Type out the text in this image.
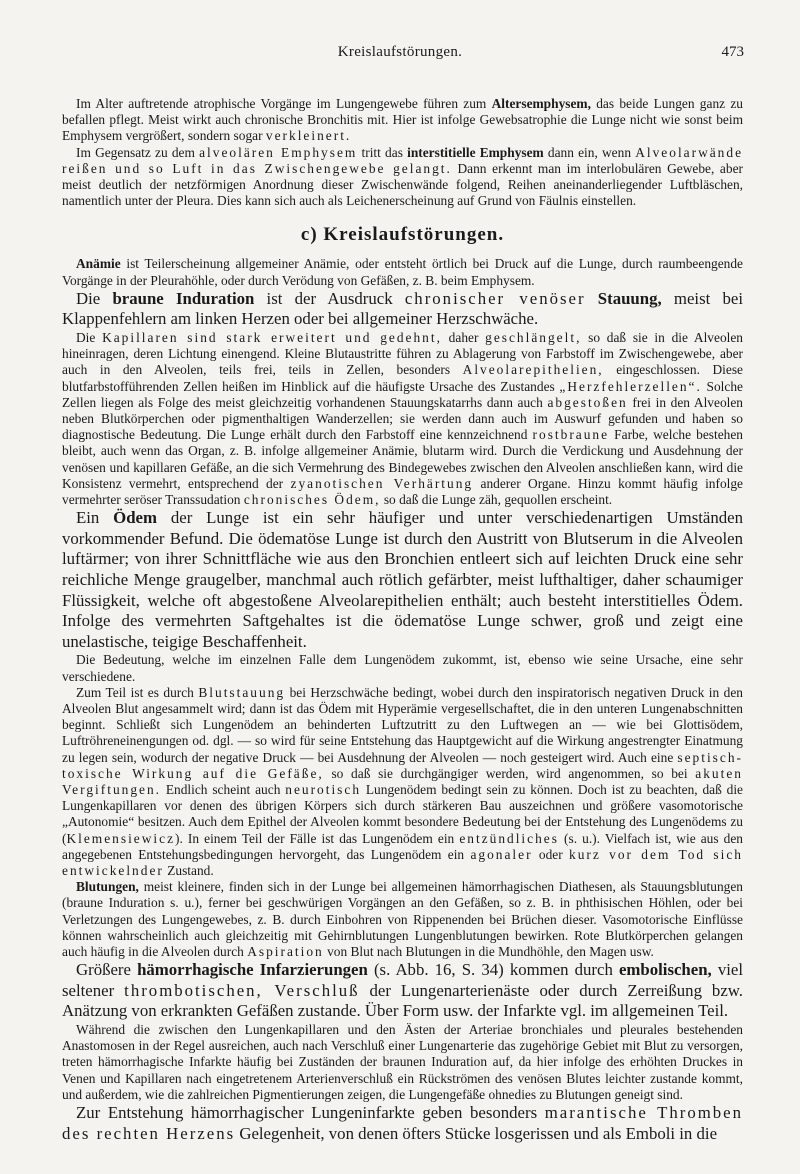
Kreislaufstörungen.	473

Im Alter auftretende atrophische Vorgänge im Lungengewebe führen zum Altersemphysem, das beide Lungen ganz zu befallen pflegt. Meist wirkt auch chronische Bronchitis mit. Hier ist infolge Gewebsatrophie die Lunge nicht wie sonst beim Emphysem vergrößert, sondern sogar verkleinert.

Im Gegensatz zu dem alveolären Emphysem tritt das interstitielle Emphysem dann ein, wenn Alveolarwände reißen und so Luft in das Zwischengewebe gelangt. Dann erkennt man im interlobulären Gewebe, aber meist deutlich der netzförmigen Anordnung dieser Zwischenwände folgend, Reihen aneinanderliegender Luftbläschen, namentlich unter der Pleura. Dies kann sich auch als Leichenerscheinung auf Grund von Fäulnis einstellen.

c) Kreislaufstörungen.

Anämie ist Teilerscheinung allgemeiner Anämie, oder entsteht örtlich bei Druck auf die Lunge, durch raumbeengende Vorgänge in der Pleurahöhle, oder durch Verödung von Gefäßen, z. B. beim Emphysem.

Die braune Induration ist der Ausdruck chronischer venöser Stauung, meist bei Klappenfehlern am linken Herzen oder bei allgemeiner Herzschwäche.

Die Kapillaren sind stark erweitert und gedehnt, daher geschlängelt, so daß sie in die Alveolen hineinragen, deren Lichtung einengend. Kleine Blutaustritte führen zu Ablagerung von Farbstoff im Zwischengewebe, aber auch in den Alveolen, teils frei, teils in Zellen, besonders Alveolarepithelien, eingeschlossen. Diese blutfarbstofführenden Zellen heißen im Hinblick auf die häufigste Ursache des Zustandes „Herzfehlerzellen“. Solche Zellen liegen als Folge des meist gleichzeitig vorhandenen Stauungskatarrhs dann auch abgestoßen frei in den Alveolen neben Blutkörperchen oder pigmenthaltigen Wanderzellen; sie werden dann auch im Auswurf gefunden und haben so diagnostische Bedeutung. Die Lunge erhält durch den Farbstoff eine kennzeichnend rostbraune Farbe, welche bestehen bleibt, auch wenn das Organ, z. B. infolge allgemeiner Anämie, blutarm wird. Durch die Verdickung und Ausdehnung der venösen und kapillaren Gefäße, an die sich Vermehrung des Bindegewebes zwischen den Alveolen anschließen kann, wird die Konsistenz vermehrt, entsprechend der zyanotischen Verhärtung anderer Organe. Hinzu kommt häufig infolge vermehrter seröser Transsudation chronisches Ödem, so daß die Lunge zäh, gequollen erscheint.

Ein Ödem der Lunge ist ein sehr häufiger und unter verschiedenartigen Umständen vorkommender Befund. Die ödematöse Lunge ist durch den Austritt von Blutserum in die Alveolen luftärmer; von ihrer Schnittfläche wie aus den Bronchien entleert sich auf leichten Druck eine sehr reichliche Menge graugelber, manchmal auch rötlich gefärbter, meist lufthaltiger, daher schaumiger Flüssigkeit, welche oft abgestoßene Alveolarepithelien enthält; auch besteht interstitielles Ödem. Infolge des vermehrten Saftgehaltes ist die ödematöse Lunge schwer, groß und zeigt eine unelastische, teigige Beschaffenheit.

Die Bedeutung, welche im einzelnen Falle dem Lungenödem zukommt, ist, ebenso wie seine Ursache, eine sehr verschiedene.

Zum Teil ist es durch Blutstauung bei Herzschwäche bedingt, wobei durch den inspiratorisch negativen Druck in den Alveolen Blut angesammelt wird; dann ist das Ödem mit Hyperämie vergesellschaftet, die in den unteren Lungenabschnitten beginnt. Schließt sich Lungenödem an behinderten Luftzutritt zu den Luftwegen an — wie bei Glottisödem, Luftröhreneinengungen od. dgl. — so wird für seine Entstehung das Hauptgewicht auf die Wirkung angestrengter Einatmung zu legen sein, wodurch der negative Druck — bei Ausdehnung der Alveolen — noch gesteigert wird. Auch eine septisch-toxische Wirkung auf die Gefäße, so daß sie durchgängiger werden, wird angenommen, so bei akuten Vergiftungen. Endlich scheint auch neurotisch Lungenödem bedingt sein zu können. Doch ist zu beachten, daß die Lungenkapillaren vor denen des übrigen Körpers sich durch stärkeren Bau auszeichnen und größere vasomotorische „Autonomie“ besitzen. Auch dem Epithel der Alveolen kommt besondere Bedeutung bei der Entstehung des Lungenödems zu (Klemensiewicz). In einem Teil der Fälle ist das Lungenödem ein entzündliches (s. u.). Vielfach ist, wie aus den angegebenen Entstehungsbedingungen hervorgeht, das Lungenödem ein agonaler oder kurz vor dem Tod sich entwickelnder Zustand.

Blutungen, meist kleinere, finden sich in der Lunge bei allgemeinen hämorrhagischen Diathesen, als Stauungsblutungen (braune Induration s. u.), ferner bei geschwürigen Vorgängen an den Gefäßen, so z. B. in phthisischen Höhlen, oder bei Verletzungen des Lungengewebes, z. B. durch Einbohren von Rippenenden bei Brüchen dieser. Vasomotorische Einflüsse können wahrscheinlich auch gleichzeitig mit Gehirnblutungen Lungenblutungen bewirken. Rote Blutkörperchen gelangen auch häufig in die Alveolen durch Aspiration von Blut nach Blutungen in die Mundhöhle, den Magen usw.

Größere hämorrhagische Infarzierungen (s. Abb. 16, S. 34) kommen durch embolischen, viel seltener thrombotischen, Verschluß der Lungenarterienäste oder durch Zerreißung bzw. Anätzung von erkrankten Gefäßen zustande. Über Form usw. der Infarkte vgl. im allgemeinen Teil.

Während die zwischen den Lungenkapillaren und den Ästen der Arteriae bronchiales und pleurales bestehenden Anastomosen in der Regel ausreichen, auch nach Verschluß einer Lungenarterie das zugehörige Gebiet mit Blut zu versorgen, treten hämorrhagische Infarkte häufig bei Zuständen der braunen Induration auf, da hier infolge des erhöhten Druckes in Venen und Kapillaren nach eingetretenem Arterienverschluß ein Rückströmen des venösen Blutes leichter zustande kommt, und außerdem, wie die zahlreichen Pigmentierungen zeigen, die Lungengefäße ohnedies zu Blutungen geneigt sind.

Zur Entstehung hämorrhagischer Lungeninfarkte geben besonders marantische Thromben des rechten Herzens Gelegenheit, von denen öfters Stücke losgerissen und als Emboli in die
